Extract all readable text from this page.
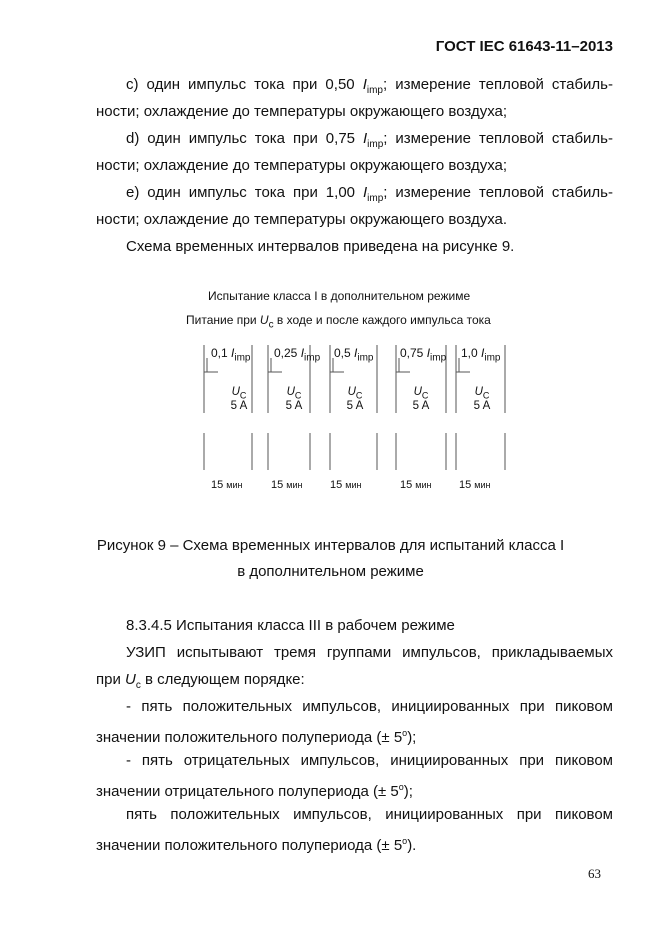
ГОСТ IEC 61643-11–2013
c) один импульс тока при 0,50 $I_{imp}$; измерение тепловой стабиль-
ности; охлаждение до температуры окружающего воздуха;
d) один импульс тока при 0,75 $I_{imp}$; измерение тепловой стабиль-
ности; охлаждение до температуры окружающего воздуха;
e) один импульс тока при 1,00 $I_{imp}$; измерение тепловой стабиль-
ности; охлаждение до температуры окружающего воздуха.
Схема временных интервалов приведена на рисунке 9.
Испытание класса I в дополнительном режиме
Питание при $U_c$ в ходе и после каждого импульса тока
0,1 $I_{imp}$ 0,25 $I_{imp}$ 0,5 $I_{imp}$ 0,75 $I_{imp}$ 1,0 $I_{imp}$
$U_C$
5 A
$U_C$
5 A
$U_C$
5 A
$U_C$
5 A
$U_C$
5 A
15 мин	15 мин	15 мин	15 мин	15 мин
Рисунок 9 – Схема временных интервалов для испытаний класса I
в дополнительном режиме
8.3.4.5 Испытания класса III в рабочем режиме
УЗИП испытывают тремя группами импульсов, прикладываемых
при $U_c$ в следующем порядке:
- пять положительных импульсов, инициированных при пиковом
значении положительного полупериода (± $5^о$);
- пять отрицательных импульсов, инициированных при пиковом
значении отрицательного полупериода (± $5^о$);
пять положительных импульсов, инициированных при пиковом
значении положительного полупериода (± $5^о$).
63
